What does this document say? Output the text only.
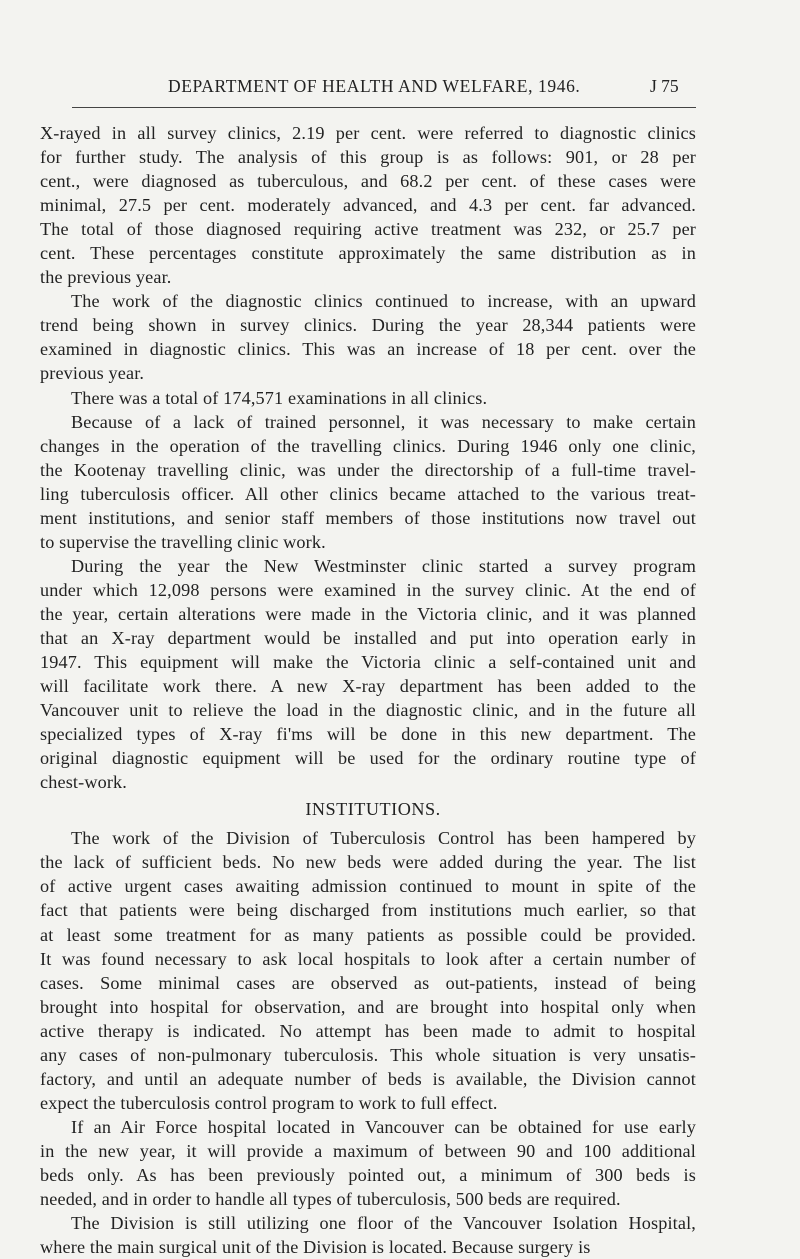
DEPARTMENT OF HEALTH AND WELFARE, 1946.	J 75
X-rayed in all survey clinics, 2.19 per cent. were referred to diagnostic clinics
for further study. The analysis of this group is as follows: 901, or 28 per
cent., were diagnosed as tuberculous, and 68.2 per cent. of these cases were
minimal, 27.5 per cent. moderately advanced, and 4.3 per cent. far advanced.
The total of those diagnosed requiring active treatment was 232, or 25.7 per
cent. These percentages constitute approximately the same distribution as in
the previous year.
The work of the diagnostic clinics continued to increase, with an upward
trend being shown in survey clinics. During the year 28,344 patients were
examined in diagnostic clinics. This was an increase of 18 per cent. over the
previous year.
There was a total of 174,571 examinations in all clinics.
Because of a lack of trained personnel, it was necessary to make certain
changes in the operation of the travelling clinics. During 1946 only one clinic,
the Kootenay travelling clinic, was under the directorship of a full-time travel-
ling tuberculosis officer. All other clinics became attached to the various treat-
ment institutions, and senior staff members of those institutions now travel out
to supervise the travelling clinic work.
During the year the New Westminster clinic started a survey program
under which 12,098 persons were examined in the survey clinic. At the end of
the year, certain alterations were made in the Victoria clinic, and it was planned
that an X-ray department would be installed and put into operation early in
1947. This equipment will make the Victoria clinic a self-contained unit and
will facilitate work there. A new X-ray department has been added to the
Vancouver unit to relieve the load in the diagnostic clinic, and in the future all
specialized types of X-ray fi'ms will be done in this new department. The
original diagnostic equipment will be used for the ordinary routine type of
chest-work.
INSTITUTIONS.
The work of the Division of Tuberculosis Control has been hampered by
the lack of sufficient beds. No new beds were added during the year. The list
of active urgent cases awaiting admission continued to mount in spite of the
fact that patients were being discharged from institutions much earlier, so that
at least some treatment for as many patients as possible could be provided.
It was found necessary to ask local hospitals to look after a certain number of
cases. Some minimal cases are observed as out-patients, instead of being
brought into hospital for observation, and are brought into hospital only when
active therapy is indicated. No attempt has been made to admit to hospital
any cases of non-pulmonary tuberculosis. This whole situation is very unsatis-
factory, and until an adequate number of beds is available, the Division cannot
expect the tuberculosis control program to work to full effect.
If an Air Force hospital located in Vancouver can be obtained for use early
in the new year, it will provide a maximum of between 90 and 100 additional
beds only. As has been previously pointed out, a minimum of 300 beds is
needed, and in order to handle all types of tuberculosis, 500 beds are required.
The Division is still utilizing one floor of the Vancouver Isolation Hospital,
where the main surgical unit of the Division is located. Because surgery is
